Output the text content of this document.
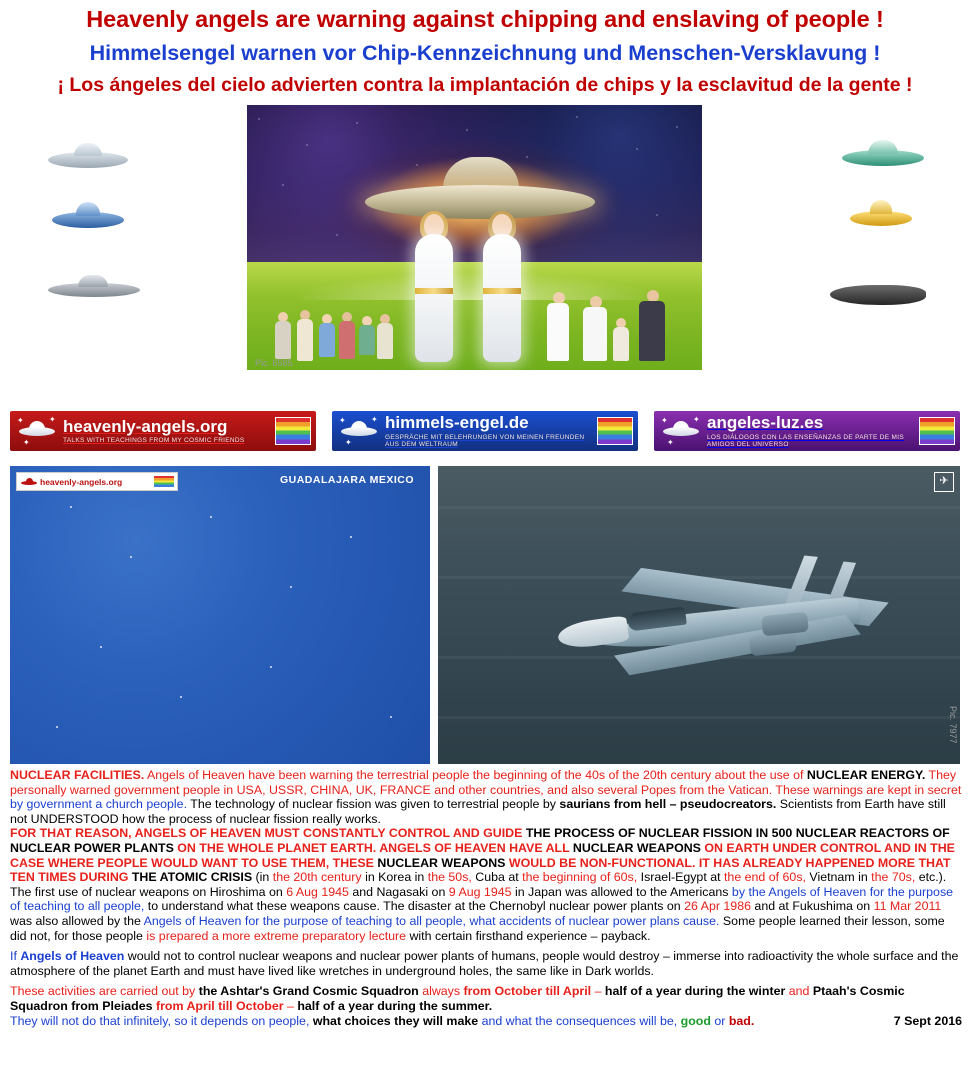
Heavenly angels are warning against chipping and enslaving of people !
Himmelsengel warnen vor Chip-Kennzeichnung und Menschen-Versklavung !
¡ Los ángeles del cielo advierten contra la implantación de chips y la esclavitud de la gente !
Pic. 6585
✦	✦
✦
heavenly-angels.org
TALKS WITH TEACHINGS FROM MY COSMIC FRIENDS
✦	✦
✦
himmels-engel.de
GESPRÄCHE MIT BELEHRUNGEN VON MEINEN FREUNDEN AUS DEM WELTRAUM
✦	✦
✦
angeles-luz.es
LOS DIÁLOGOS CON LAS ENSEÑANZAS DE PARTE DE MIS AMIGOS DEL UNIVERSO
heavenly-angels.org	GUADALAJARA MEXICO	✈
Pic. 7977

NUCLEAR FACILITIES. Angels of Heaven have been warning the terrestrial people the beginning of the 40s of the 20th century about the use of NUCLEAR ENERGY. They personally warned government people in USA, USSR, CHINA, UK, FRANCE and other countries, and also several Popes from the Vatican. These warnings are kept in secret by government a church people. The technology of nuclear fission was given to terrestrial people by saurians from hell – pseudocreators. Scientists from Earth have still not UNDERSTOOD how the process of nuclear fission really works.

FOR THAT REASON, ANGELS OF HEAVEN MUST CONSTANTLY CONTROL AND GUIDE THE PROCESS OF NUCLEAR FISSION IN 500 NUCLEAR REACTORS OF NUCLEAR POWER PLANTS ON THE WHOLE PLANET EARTH. ANGELS OF HEAVEN HAVE ALL NUCLEAR WEAPONS ON EARTH UNDER CONTROL AND IN THE CASE WHERE PEOPLE WOULD WANT TO USE THEM, THESE NUCLEAR WEAPONS WOULD BE NON-FUNCTIONAL. IT HAS ALREADY HAPPENED MORE THAT TEN TIMES DURING THE ATOMIC CRISIS (in the 20th century in Korea in the 50s, Cuba at the beginning of 60s, Israel-Egypt at the end of 60s, Vietnam in the 70s, etc.). The first use of nuclear weapons on Hiroshima on 6 Aug 1945 and Nagasaki on 9 Aug 1945 in Japan was allowed to the Americans by the Angels of Heaven for the purpose of teaching to all people, to understand what these weapons cause. The disaster at the Chernobyl nuclear power plants on 26 Apr 1986 and at Fukushima on 11 Mar 2011 was also allowed by the Angels of Heaven for the purpose of teaching to all people, what accidents of nuclear power plans cause. Some people learned their lesson, some did not, for those people is prepared a more extreme preparatory lecture with certain firsthand experience – payback.

If Angels of Heaven would not to control nuclear weapons and nuclear power plants of humans, people would destroy – immerse into radioactivity the whole surface and the atmosphere of the planet Earth and must have lived like wretches in underground holes, the same like in Dark worlds.

These activities are carried out by the Ashtar's Grand Cosmic Squadron always from October till April – half of a year during the winter and Ptaah's Cosmic Squadron from Pleiades from April till October – half of a year during the summer.

They will not do that infinitely, so it depends on people, what choices they will make and what the consequences will be, good or bad.	7 Sept 2016
